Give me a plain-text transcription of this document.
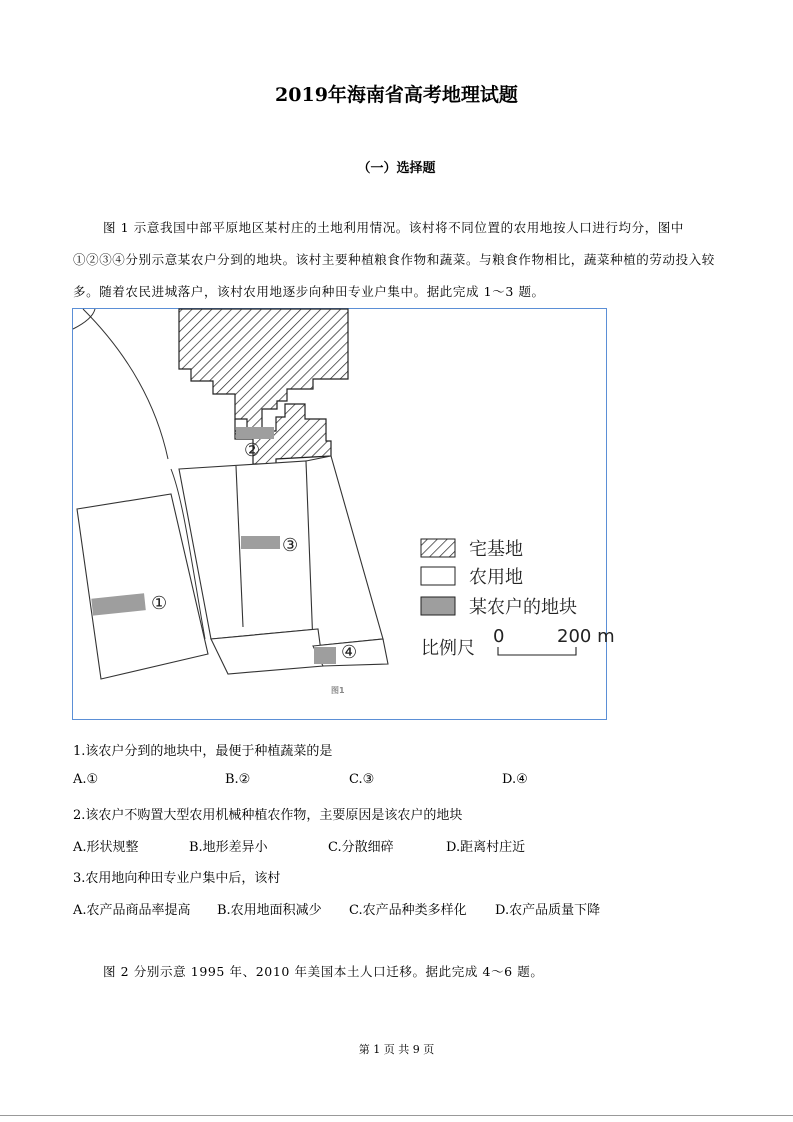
2019年海南省高考地理试题
（一）选择题
图 1 示意我国中部平原地区某村庄的土地利用情况。该村将不同位置的农用地按人口进行均分，图中①②③④分别示意某农户分到的地块。该村主要种植粮食作物和蔬菜。与粮食作物相比，蔬菜种植的劳动投入较多。随着农民进城落户，该村农用地逐步向种田专业户集中。据此完成 1～3 题。
①
②
③
④
宅基地
农用地
某农户的地块
比例尺
0	200 m
图1
1.该农户分到的地块中，最便于种植蔬菜的是
A.①	B.②	C.③	D.④
2.该农户不购置大型农用机械种植农作物，主要原因是该农户的地块
A.形状规整	B.地形差异小	C.分散细碎	D.距离村庄近
3.农用地向种田专业户集中后，该村
A.农产品商品率提高 B.农用地面积减少 C.农产品种类多样化 D.农产品质量下降
图 2 分别示意 1995 年、2010 年美国本土人口迁移。据此完成 4～6 题。
第 1 页 共 9 页
